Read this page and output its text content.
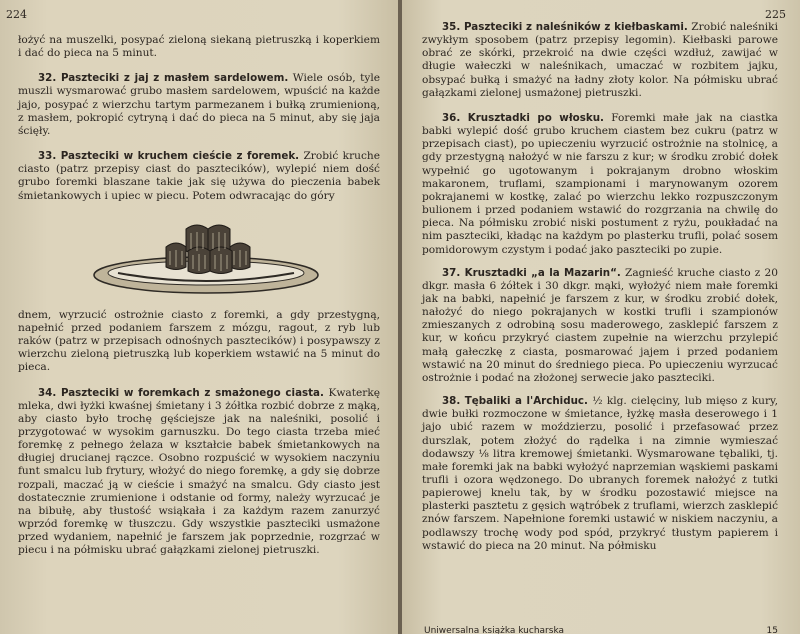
224

łożyć na muszelki, posypać zieloną siekaną pietruszką i koperkiem i dać do pieca na 5 minut.

32. Paszteciki z jaj z masłem sardelowem. Wiele osób, tyle muszli wysmarować grubo masłem sardelowem, wpuścić na każde jajo, posypać z wierzchu tartym parmezanem i bułką zrumienioną, z masłem, pokropić cytryną i dać do pieca na 5 minut, aby się jaja ścięły.

33. Paszteciki w kruchem cieście z foremek. Zrobić kruche ciasto (patrz przepisy ciast do pasztecików), wylepić niem dość grubo foremki blaszane takie jak się używa do pieczenia babek śmietankowych i upiec w piecu. Potem odwracając do góry

dnem, wyrzucić ostrożnie ciasto z foremki, a gdy przestygną, napełnić przed podaniem farszem z mózgu, ragout, z ryb lub raków (patrz w przepisach odnośnych pasztecików) i posypawszy z wierzchu zieloną pietruszką lub koperkiem wstawić na 5 minut do pieca.

34. Paszteciki w foremkach z smażonego ciasta. Kwaterkę mleka, dwi łyżki kwaśnej śmietany i 3 żółtka rozbić dobrze z mąką, aby ciasto było trochę gęściejsze jak na naleśniki, posolić i przygotować w wysokim garnuszku. Do tego ciasta trzeba mieć foremkę z pełnego żelaza w kształcie babek śmietankowych na długiej drucianej rączce. Osobno rozpuścić w wysokiem naczyniu funt smalcu lub frytury, włożyć do niego foremkę, a gdy się dobrze rozpali, maczać ją w cieście i smażyć na smalcu. Gdy ciasto jest dostatecznie zrumienione i odstanie od formy, należy wyrzucać je na bibułę, aby tłustość wsiąkała i za każdym razem zanurzyć wprzód foremkę w tłuszczu. Gdy wszystkie paszteciki usmażone przed wydaniem, napełnić je farszem jak poprzednie, rozgrzać w piecu i na półmisku ubrać gałązkami zielonej pietruszki.

225

35. Paszteciki z naleśników z kiełbaskami. Zrobić naleśniki zwykłym sposobem (patrz przepisy legomin). Kiełbaski parowe obrać ze skórki, przekroić na dwie części wzdłuż, zawijać w długie wałeczki w naleśnikach, umaczać w rozbitem jajku, obsypać bułką i smażyć na ładny złoty kolor. Na półmisku ubrać gałązkami zielonej usmażonej pietruszki.

36. Krusztadki po włosku. Foremki małe jak na ciastka babki wylepić dość grubo kruchem ciastem bez cukru (patrz w przepisach ciast), po upieczeniu wyrzucić ostrożnie na stolnicę, a gdy przestygną nałożyć w nie farszu z kur; w środku zrobić dołek wypełnić go ugotowanym i pokrajanym drobno włoskim makaronem, truflami, szampionami i marynowanym ozorem pokrajanemi w kostkę, zalać po wierzchu lekko rozpuszczonym bulionem i przed podaniem wstawić do rozgrzania na chwilę do pieca. Na półmisku zrobić niski postument z ryżu, poukładać na nim paszteciki, kładąc na każdym po plasterku trufli, polać sosem pomidorowym czystym i podać jako paszteciki po zupie.

37. Krusztadki „a la Mazarin“. Zagnieść kruche ciasto z 20 dkgr. masła 6 żółtek i 30 dkgr. mąki, wyłożyć niem małe foremki jak na babki, napełnić je farszem z kur, w środku zrobić dołek, nałożyć do niego pokrajanych w kostki trufli i szampionów zmieszanych z odrobiną sosu maderowego, zasklepić farszem z kur, w końcu przykryć ciastem zupełnie na wierzchu przylepić małą gałeczkę z ciasta, posmarować jajem i przed podaniem wstawić na 20 minut do średniego pieca. Po upieczeniu wyrzucać ostrożnie i podać na złożonej serwecie jako paszteciki.

38. Tębaliki a l'Archiduc. ½ klg. cielęciny, lub mięso z kury, dwie bułki rozmoczone w śmietance, łyżkę masła deserowego i 1 jajo ubić razem w moździerzu, posolić i przefasować przez durszlak, potem złożyć do rądelka i na zimnie wymieszać dodawszy ⅛ litra kremowej śmietanki. Wysmarowane tębaliki, tj. małe foremki jak na babki wyłożyć naprzemian wąskiemi paskami trufli i ozora wędzonego. Do ubranych foremek nałożyć z tutki papierowej knelu tak, by w środku pozostawić miejsce na plasterki pasztetu z gęsich wątróbek z truflami, wierzch zasklepić znów farszem. Napełnione foremki ustawić w niskiem naczyniu, a podlawszy trochę wody pod spód, przykryć tłustym papierem i wstawić do pieca na 20 minut. Na półmisku

Uniwersalna książka kucharska	15
